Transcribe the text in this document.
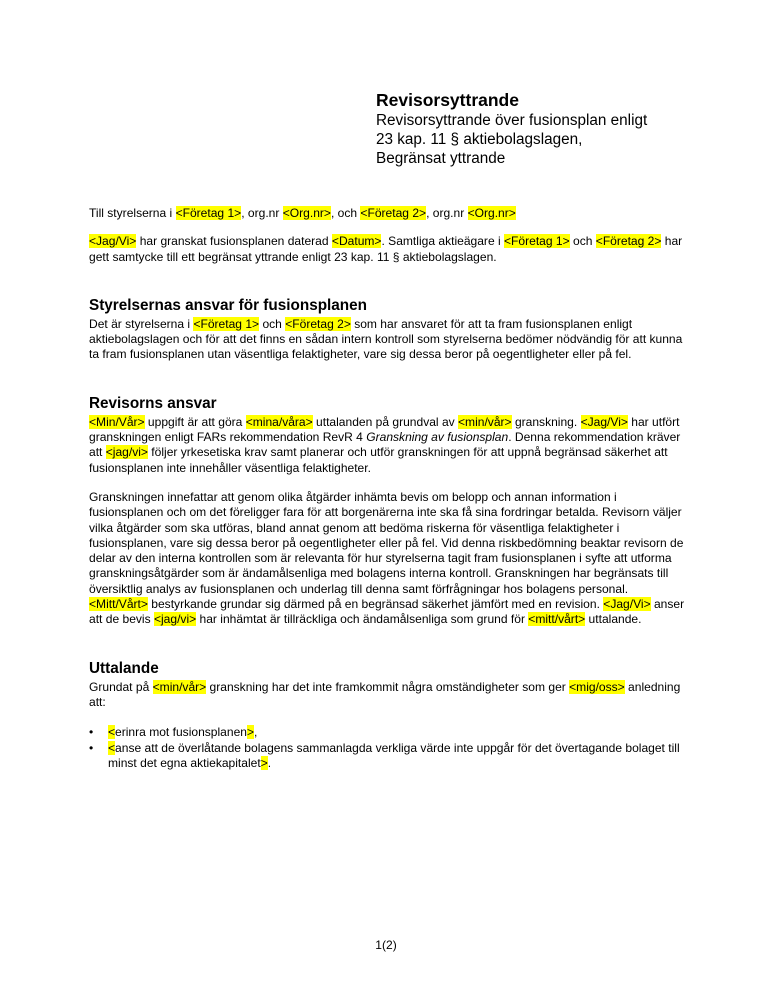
Revisorsyttrande

Revisorsyttrande över fusionsplan enligt

23 kap. 11 § aktiebolagslagen,

Begränsat yttrande

Till styrelserna i <Företag 1>, org.nr <Org.nr>, och <Företag 2>, org.nr <Org.nr>

<Jag/Vi> har granskat fusionsplanen daterad <Datum>. Samtliga aktieägare i <Företag 1> och <Företag 2> har gett samtycke till ett begränsat yttrande enligt 23 kap. 11 § aktiebolagslagen.

Styrelsernas ansvar för fusionsplanen

Det är styrelserna i <Företag 1> och <Företag 2> som har ansvaret för att ta fram fusionsplanen enligt aktiebolagslagen och för att det finns en sådan intern kontroll som styrelserna bedömer nödvändig för att kunna ta fram fusionsplanen utan väsentliga felaktigheter, vare sig dessa beror på oegentligheter eller på fel.

Revisorns ansvar

<Min/Vår> uppgift är att göra <mina/våra> uttalanden på grundval av <min/vår> granskning. <Jag/Vi> har utfört granskningen enligt FARs rekommendation RevR 4 Granskning av fusionsplan. Denna rekommendation kräver att <jag/vi> följer yrkesetiska krav samt planerar och utför granskningen för att uppnå begränsad säkerhet att fusionsplanen inte innehåller väsentliga felaktigheter.

Granskningen innefattar att genom olika åtgärder inhämta bevis om belopp och annan information i fusionsplanen och om det föreligger fara för att borgenärerna inte ska få sina fordringar betalda. Revisorn väljer vilka åtgärder som ska utföras, bland annat genom att bedöma riskerna för väsentliga felaktigheter i fusionsplanen, vare sig dessa beror på oegentligheter eller på fel. Vid denna riskbedömning beaktar revisorn de delar av den interna kontrollen som är relevanta för hur styrelserna tagit fram fusionsplanen i syfte att utforma granskningsåtgärder som är ändamålsenliga med bolagens interna kontroll. Granskningen har begränsats till översiktlig analys av fusionsplanen och underlag till denna samt förfrågningar hos bolagens personal. <Mitt/Vårt> bestyrkande grundar sig därmed på en begränsad säkerhet jämfört med en revision. <Jag/Vi> anser att de bevis <jag/vi> har inhämtat är tillräckliga och ändamålsenliga som grund för <mitt/vårt> uttalande.

Uttalande

Grundat på <min/vår> granskning har det inte framkommit några omständigheter som ger <mig/oss> anledning att:

• <erinra mot fusionsplanen>,
• <anse att de överlåtande bolagens sammanlagda verkliga värde inte uppgår för det övertagande bolaget till minst det egna aktiekapitalet>.
1(2)
